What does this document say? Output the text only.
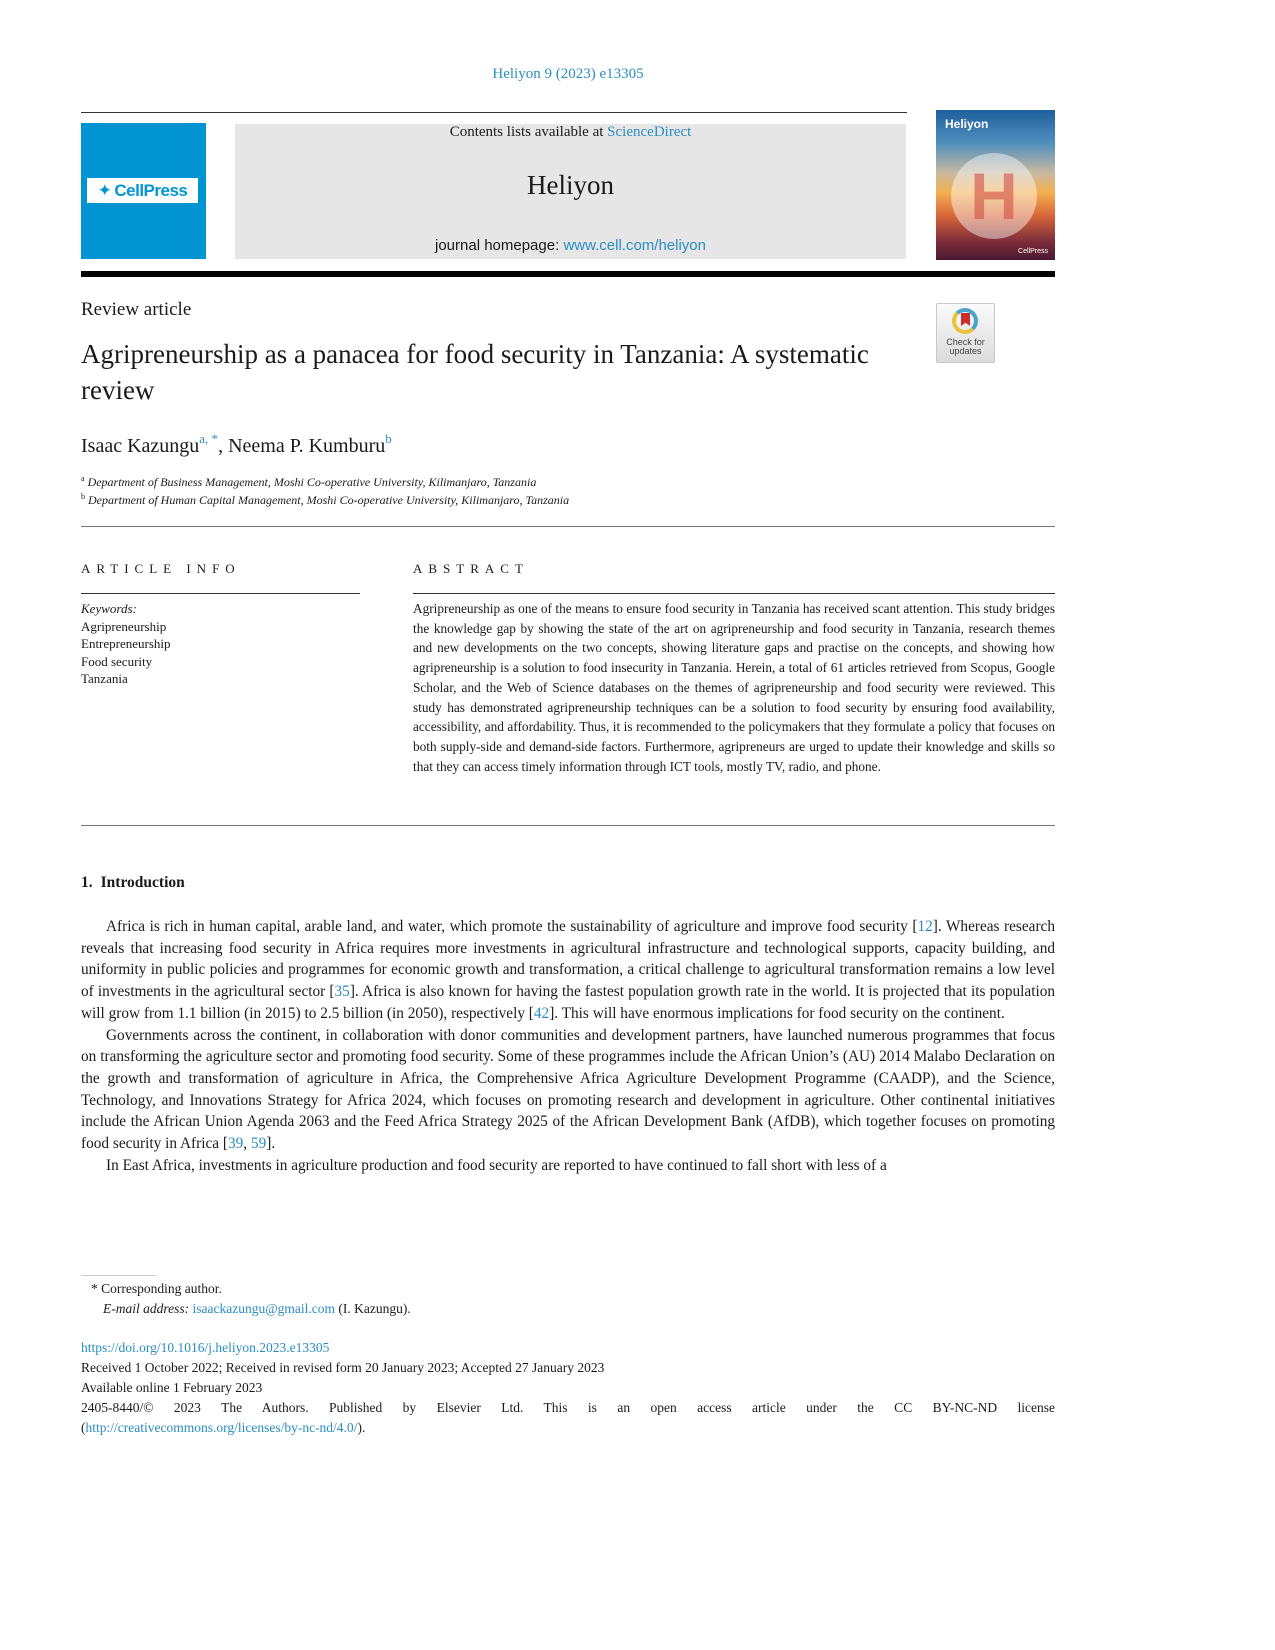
Heliyon 9 (2023) e13305
✦ CellPress
Contents lists available at ScienceDirect
Heliyon
journal homepage: www.cell.com/heliyon
Heliyon
H
CellPress
Review article
Check for
updates
Agripreneurship as a panacea for food security in Tanzania: A systematic review
Isaac Kazungu$^{a, *}$, Neema P. Kumburu$^b$
$^a$ Department of Business Management, Moshi Co-operative University, Kilimanjaro, Tanzania
$^b$ Department of Human Capital Management, Moshi Co-operative University, Kilimanjaro, Tanzania
ARTICLE INFO	ABSTRACT
Keywords:
Agripreneurship
Entrepreneurship
Food security
Tanzania
Agripreneurship as one of the means to ensure food security in Tanzania has received scant attention. This study bridges the knowledge gap by showing the state of the art on agripreneurship and food security in Tanzania, research themes and new developments on the two concepts, showing literature gaps and practise on the concepts, and showing how agripreneurship is a solution to food insecurity in Tanzania. Herein, a total of 61 articles retrieved from Scopus, Google Scholar, and the Web of Science databases on the themes of agripreneurship and food security were reviewed. This study has demonstrated agripreneurship techniques can be a solution to food security by ensuring food availability, accessibility, and affordability. Thus, it is recommended to the policymakers that they formulate a policy that focuses on both supply-side and demand-side factors. Furthermore, agripreneurs are urged to update their knowledge and skills so that they can access timely information through ICT tools, mostly TV, radio, and phone.
1. Introduction

Africa is rich in human capital, arable land, and water, which promote the sustainability of agriculture and improve food security [12]. Whereas research reveals that increasing food security in Africa requires more investments in agricultural infrastructure and technological supports, capacity building, and uniformity in public policies and programmes for economic growth and transformation, a critical challenge to agricultural transformation remains a low level of investments in the agricultural sector [35]. Africa is also known for having the fastest population growth rate in the world. It is projected that its population will grow from 1.1 billion (in 2015) to 2.5 billion (in 2050), respectively [42]. This will have enormous implications for food security on the continent.

Governments across the continent, in collaboration with donor communities and development partners, have launched numerous programmes that focus on transforming the agriculture sector and promoting food security. Some of these programmes include the African Union’s (AU) 2014 Malabo Declaration on the growth and transformation of agriculture in Africa, the Comprehensive Africa Agriculture Development Programme (CAADP), and the Science, Technology, and Innovations Strategy for Africa 2024, which focuses on promoting research and development in agriculture. Other continental initiatives include the African Union Agenda 2063 and the Feed Africa Strategy 2025 of the African Development Bank (AfDB), which together focuses on promoting food security in Africa [39, 59].

In East Africa, investments in agriculture production and food security are reported to have continued to fall short with less of a

* Corresponding author.
E-mail address: isaackazungu@gmail.com (I. Kazungu).
https://doi.org/10.1016/j.heliyon.2023.e13305
Received 1 October 2022; Received in revised form 20 January 2023; Accepted 27 January 2023
Available online 1 February 2023
2405-8440/© 2023 The Authors. Published by Elsevier Ltd. This is an open access article under the CC BY-NC-ND license
(http://creativecommons.org/licenses/by-nc-nd/4.0/).
